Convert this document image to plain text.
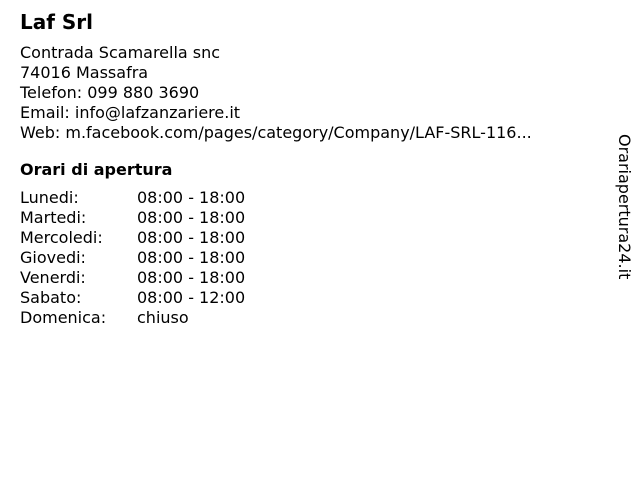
Laf Srl
Contrada Scamarella snc
74016 Massafra
Telefon: 099 880 3690
Email: info@lafzanzariere.it
Web: m.facebook.com/pages/category/Company/LAF-SRL-116...
Orari di apertura
Lunedi:	08:00 - 18:00
Martedi:	08:00 - 18:00
Mercoledi:	08:00 - 18:00
Giovedi:	08:00 - 18:00
Venerdi:	08:00 - 18:00
Sabato:	08:00 - 12:00
Domenica:	chiuso
Orariapertura24.it
